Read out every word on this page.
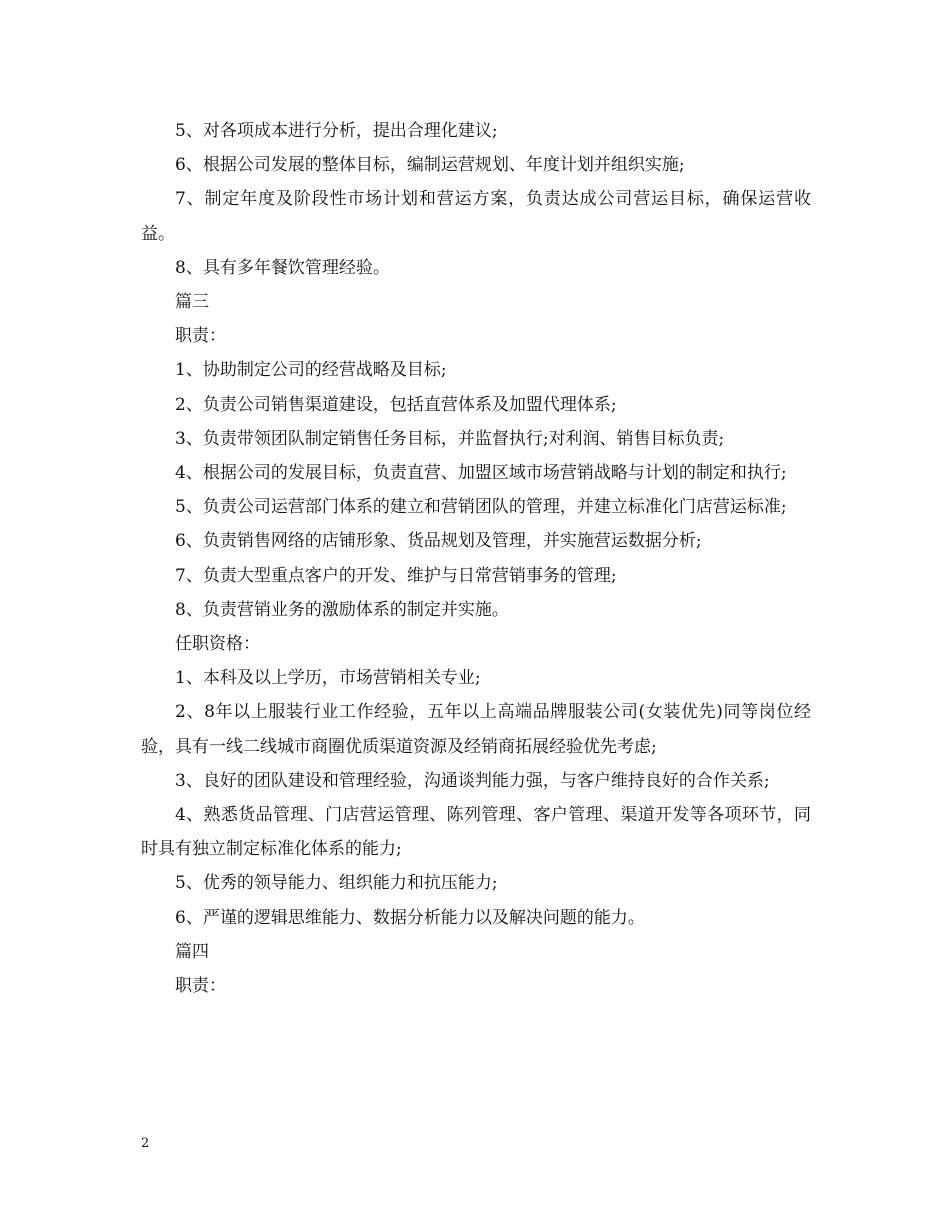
5、对各项成本进行分析，提出合理化建议;

6、根据公司发展的整体目标，编制运营规划、年度计划并组织实施;

7、制定年度及阶段性市场计划和营运方案，负责达成公司营运目标，确保运营收益。

8、具有多年餐饮管理经验。

篇三

职责：

1、协助制定公司的经营战略及目标;

2、负责公司销售渠道建设，包括直营体系及加盟代理体系;

3、负责带领团队制定销售任务目标，并监督执行;对利润、销售目标负责;

4、根据公司的发展目标，负责直营、加盟区域市场营销战略与计划的制定和执行;

5、负责公司运营部门体系的建立和营销团队的管理，并建立标准化门店营运标准;

6、负责销售网络的店铺形象、货品规划及管理，并实施营运数据分析;

7、负责大型重点客户的开发、维护与日常营销事务的管理;

8、负责营销业务的激励体系的制定并实施。

任职资格：

1、本科及以上学历，市场营销相关专业;

2、8年以上服装行业工作经验，五年以上高端品牌服装公司(女装优先)同等岗位经验，具有一线二线城市商圈优质渠道资源及经销商拓展经验优先考虑;

3、良好的团队建设和管理经验，沟通谈判能力强，与客户维持良好的合作关系;

4、熟悉货品管理、门店营运管理、陈列管理、客户管理、渠道开发等各项环节，同时具有独立制定标准化体系的能力;

5、优秀的领导能力、组织能力和抗压能力;

6、严谨的逻辑思维能力、数据分析能力以及解决问题的能力。

篇四

职责：

2
